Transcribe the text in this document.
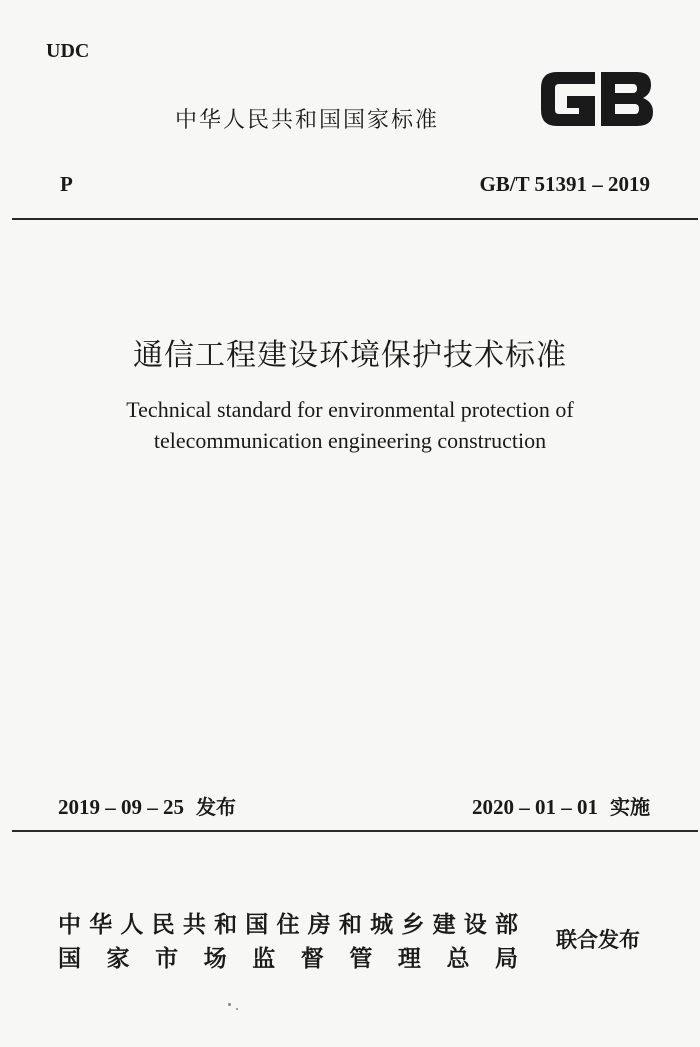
UDC
中华人民共和国国家标准
P	GB/T 51391 – 2019
通信工程建设环境保护技术标准
Technical standard for environmental protection of
telecommunication engineering construction
2019 – 09 – 25 发布	2020 – 01 – 01 实施
中华人民共和国住房和城乡建设部
国家市场监督管理总局
联合发布
